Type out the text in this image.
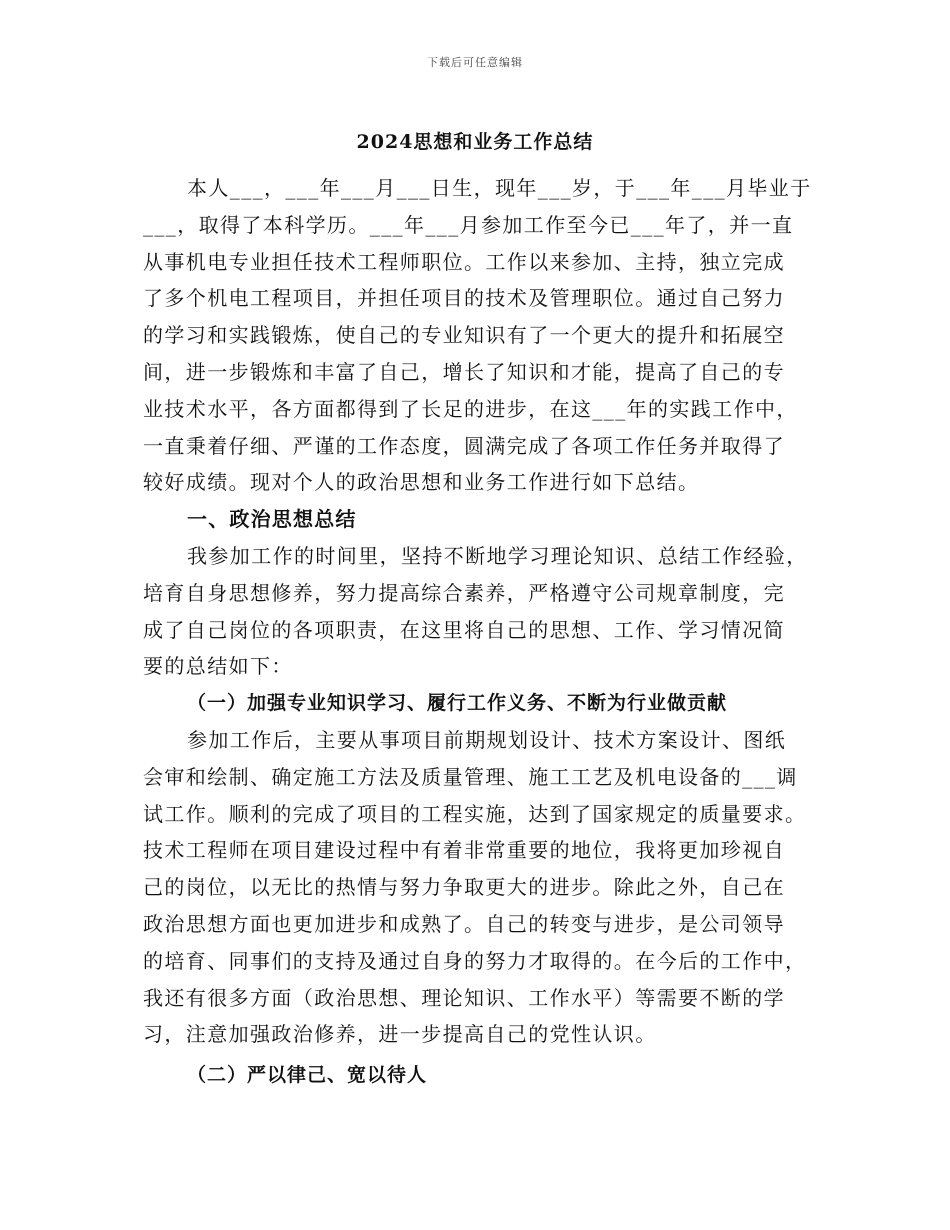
下载后可任意编辑
2024思想和业务工作总结

本人___，___年___月___日生，现年___岁，于___年___月毕业于
___，取得了本科学历。___年___月参加工作至今已___年了，并一直
从事机电专业担任技术工程师职位。工作以来参加、主持，独立完成
了多个机电工程项目，并担任项目的技术及管理职位。通过自己努力
的学习和实践锻炼，使自己的专业知识有了一个更大的提升和拓展空
间，进一步锻炼和丰富了自己，增长了知识和才能，提高了自己的专
业技术水平，各方面都得到了长足的进步，在这___年的实践工作中，
一直秉着仔细、严谨的工作态度，圆满完成了各项工作任务并取得了
较好成绩。现对个人的政治思想和业务工作进行如下总结。

一、政治思想总结

我参加工作的时间里，坚持不断地学习理论知识、总结工作经验，
培育自身思想修养，努力提高综合素养，严格遵守公司规章制度，完
成了自己岗位的各项职责，在这里将自己的思想、工作、学习情况简
要的总结如下：

（一）加强专业知识学习、履行工作义务、不断为行业做贡献

参加工作后，主要从事项目前期规划设计、技术方案设计、图纸
会审和绘制、确定施工方法及质量管理、施工工艺及机电设备的___调
试工作。顺利的完成了项目的工程实施，达到了国家规定的质量要求。
技术工程师在项目建设过程中有着非常重要的地位，我将更加珍视自
己的岗位，以无比的热情与努力争取更大的进步。除此之外，自己在
政治思想方面也更加进步和成熟了。自己的转变与进步，是公司领导
的培育、同事们的支持及通过自身的努力才取得的。在今后的工作中，
我还有很多方面（政治思想、理论知识、工作水平）等需要不断的学
习，注意加强政治修养，进一步提高自己的党性认识。

（二）严以律己、宽以待人
